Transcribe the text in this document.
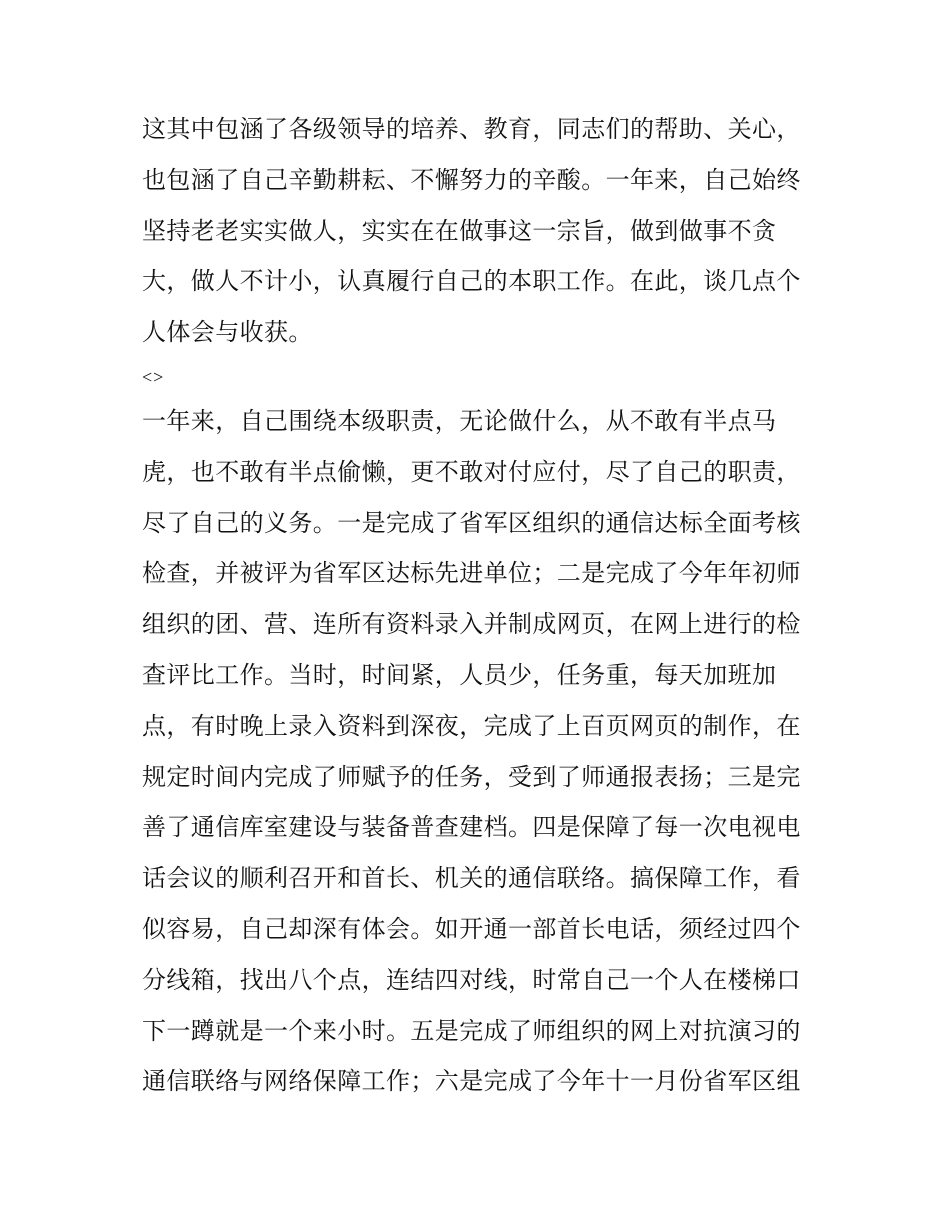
这其中包涵了各级领导的培养、教育，同志们的帮助、关心，
也包涵了自己辛勤耕耘、不懈努力的辛酸。一年来，自己始终
坚持老老实实做人，实实在在做事这一宗旨，做到做事不贪
大，做人不计小，认真履行自己的本职工作。在此，谈几点个
人体会与收获。
<>
一年来，自己围绕本级职责，无论做什么，从不敢有半点马
虎，也不敢有半点偷懒，更不敢对付应付，尽了自己的职责，
尽了自己的义务。一是完成了省军区组织的通信达标全面考核
检查，并被评为省军区达标先进单位；二是完成了今年年初师
组织的团、营、连所有资料录入并制成网页，在网上进行的检
查评比工作。当时，时间紧，人员少，任务重，每天加班加
点，有时晚上录入资料到深夜，完成了上百页网页的制作，在
规定时间内完成了师赋予的任务，受到了师通报表扬；三是完
善了通信库室建设与装备普查建档。四是保障了每一次电视电
话会议的顺利召开和首长、机关的通信联络。搞保障工作，看
似容易，自己却深有体会。如开通一部首长电话，须经过四个
分线箱，找出八个点，连结四对线，时常自己一个人在楼梯口
下一蹲就是一个来小时。五是完成了师组织的网上对抗演习的
通信联络与网络保障工作；六是完成了今年十一月份省军区组
